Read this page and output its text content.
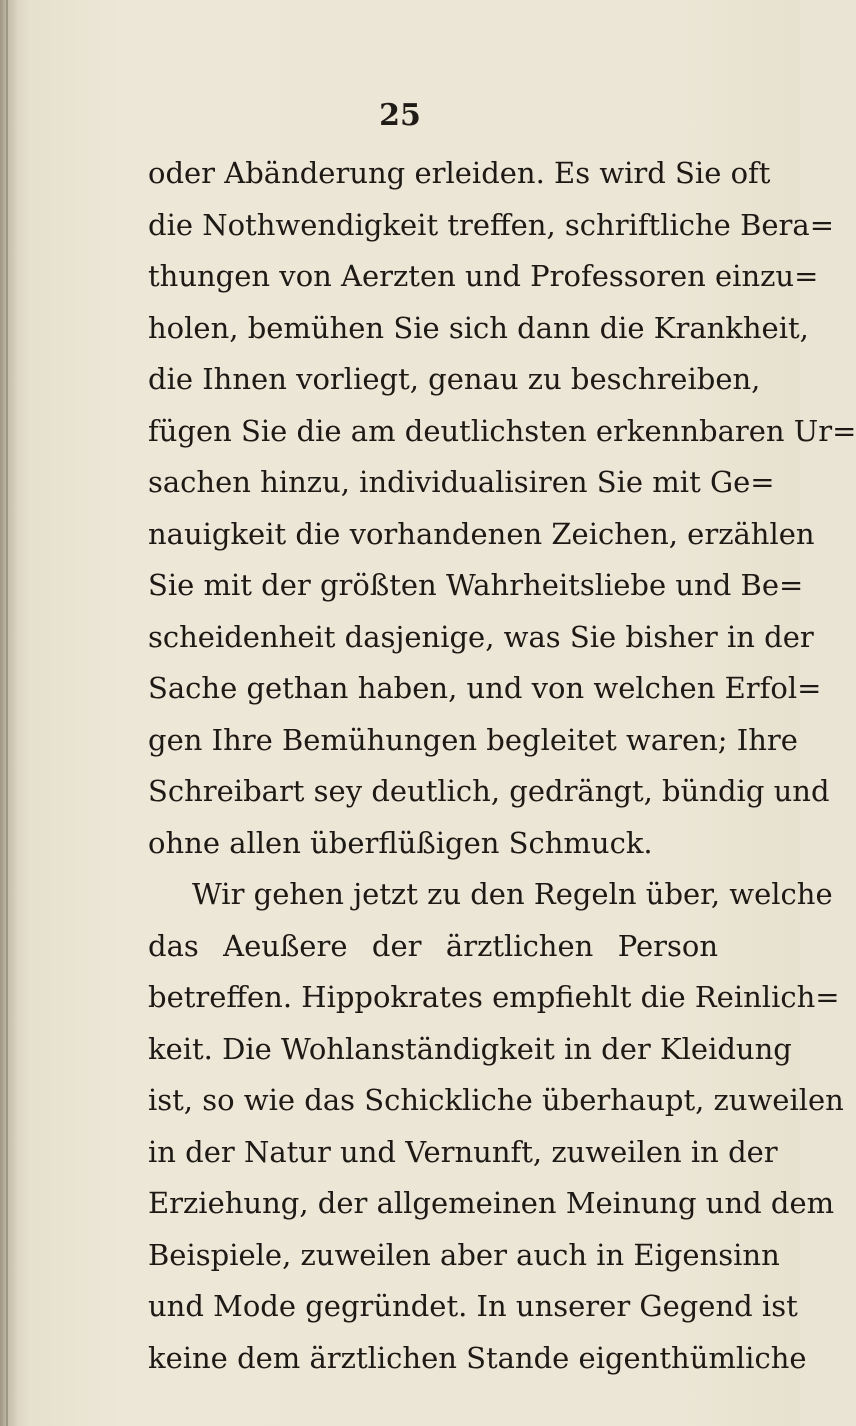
25
oder Abänderung erleiden. Es wird Sie oft
die Nothwendigkeit treffen, schriftliche Bera=
thungen von Aerzten und Professoren einzu=
holen, bemühen Sie sich dann die Krankheit,
die Ihnen vorliegt, genau zu beschreiben,
fügen Sie die am deutlichsten erkennbaren Ur=
sachen hinzu, individualisiren Sie mit Ge=
nauigkeit die vorhandenen Zeichen, erzählen
Sie mit der größten Wahrheitsliebe und Be=
scheidenheit dasjenige, was Sie bisher in der
Sache gethan haben, und von welchen Erfol=
gen Ihre Bemühungen begleitet waren; Ihre
Schreibart sey deutlich, gedrängt, bündig und
ohne allen überflüßigen Schmuck.
Wir gehen jetzt zu den Regeln über, welche
das Aeußere der ärztlichen Person
betreffen. Hippokrates empfiehlt die Reinlich=
keit. Die Wohlanständigkeit in der Kleidung
ist, so wie das Schickliche überhaupt, zuweilen
in der Natur und Vernunft, zuweilen in der
Erziehung, der allgemeinen Meinung und dem
Beispiele, zuweilen aber auch in Eigensinn
und Mode gegründet. In unserer Gegend ist
keine dem ärztlichen Stande eigenthümliche
